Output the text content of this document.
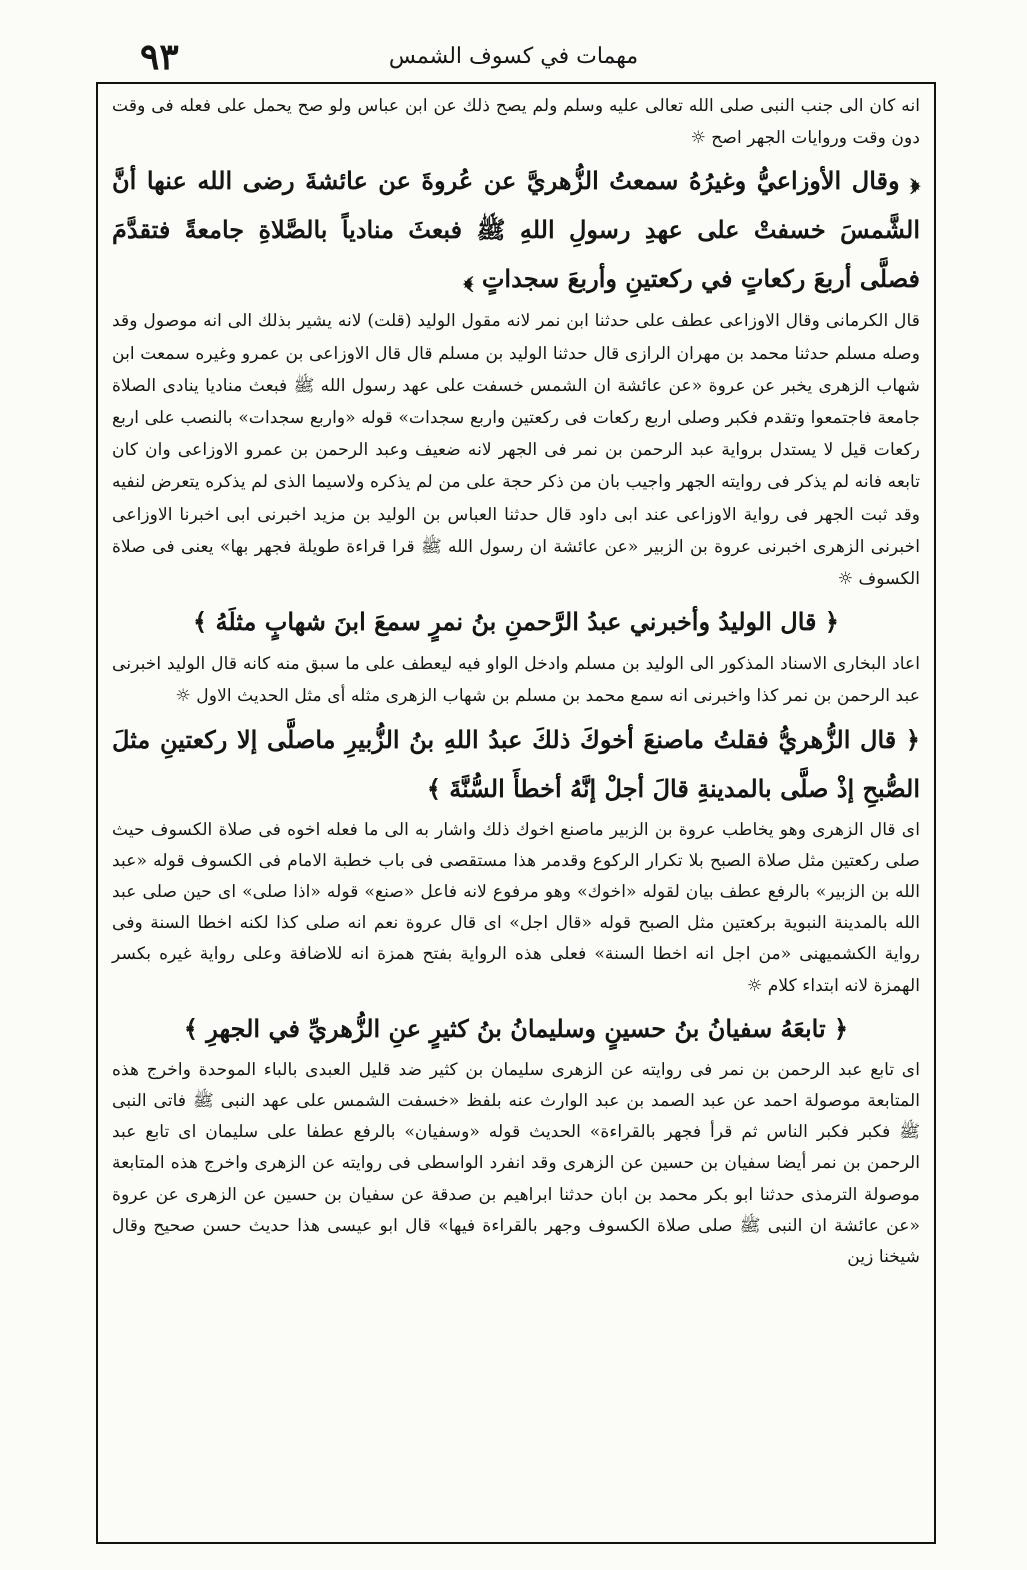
٩٣	مهمات في كسوف الشمس

انه كان الى جنب النبى صلى الله تعالى عليه وسلم ولم يصح ذلك عن ابن عباس ولو صح يحمل على فعله فى وقت دون وقت وروايات الجهر اصح ☼

﴿ وقال الأوزاعيُّ وغيرُهُ سمعتُ الزُّهريَّ عن عُروةَ عن عائشةَ رضى الله عنها أنَّ الشَّمسَ خسفتْ على عهدِ رسولِ اللهِ ﷺ فبعثَ منادياً بالصَّلاةِ جامعةً فتقدَّمَ فصلَّى أربعَ ركعاتٍ في ركعتينِ وأربعَ سجداتٍ ﴾

قال الكرمانى وقال الاوزاعى عطف على حدثنا ابن نمر لانه مقول الوليد (قلت) لانه يشير بذلك الى انه موصول وقد وصله مسلم حدثنا محمد بن مهران الرازى قال حدثنا الوليد بن مسلم قال قال الاوزاعى بن عمرو وغيره سمعت ابن شهاب الزهرى يخبر عن عروة «عن عائشة ان الشمس خسفت على عهد رسول الله ﷺ فبعث مناديا ينادى الصلاة جامعة فاجتمعوا وتقدم فكبر وصلى اربع ركعات فى ركعتين واربع سجدات» قوله «واربع سجدات» بالنصب على اربع ركعات قيل لا يستدل برواية عبد الرحمن بن نمر فى الجهر لانه ضعيف وعبد الرحمن بن عمرو الاوزاعى وان كان تابعه فانه لم يذكر فى روايته الجهر واجيب بان من ذكر حجة على من لم يذكره ولاسيما الذى لم يذكره يتعرض لنفيه وقد ثبت الجهر فى رواية الاوزاعى عند ابى داود قال حدثنا العباس بن الوليد بن مزيد اخبرنى ابى اخبرنا الاوزاعى اخبرنى الزهرى اخبرنى عروة بن الزبير «عن عائشة ان رسول الله ﷺ قرا قراءة طويلة فجهر بها» يعنى فى صلاة الكسوف ☼

﴿ قال الوليدُ وأخبرني عبدُ الرَّحمنِ بنُ نمرٍ سمعَ ابنَ شهابٍ مثلَهُ ﴾

اعاد البخارى الاسناد المذكور الى الوليد بن مسلم وادخل الواو فيه ليعطف على ما سبق منه كانه قال الوليد اخبرنى عبد الرحمن بن نمر كذا واخبرنى انه سمع محمد بن مسلم بن شهاب الزهرى مثله أى مثل الحديث الاول ☼

﴿ قال الزُّهريُّ فقلتُ ماصنعَ أخوكَ ذلكَ عبدُ اللهِ بنُ الزُّبيرِ ماصلَّى إلا ركعتينِ مثلَ الصُّبحِ إذْ صلَّى بالمدينةِ قالَ أجلْ إنَّهُ أخطأَ السُّنَّةَ ﴾

اى قال الزهرى وهو يخاطب عروة بن الزبير ماصنع اخوك ذلك واشار به الى ما فعله اخوه فى صلاة الكسوف حيث صلى ركعتين مثل صلاة الصبح بلا تكرار الركوع وقدمر هذا مستقصى فى باب خطبة الامام فى الكسوف قوله «عبد الله بن الزبير» بالرفع عطف بيان لقوله «اخوك» وهو مرفوع لانه فاعل «صنع» قوله «اذا صلى» اى حين صلى عبد الله بالمدينة النبوية بركعتين مثل الصبح قوله «قال اجل» اى قال عروة نعم انه صلى كذا لكنه اخطا السنة وفى رواية الكشميهنى «من اجل انه اخطا السنة» فعلى هذه الرواية بفتح همزة انه للاضافة وعلى رواية غيره بكسر الهمزة لانه ابتداء كلام ☼

﴿ تابعَهُ سفيانُ بنُ حسينٍ وسليمانُ بنُ كثيرٍ عنِ الزُّهريِّ في الجهرِ ﴾

اى تابع عبد الرحمن بن نمر فى روايته عن الزهرى سليمان بن كثير ضد قليل العبدى بالباء الموحدة واخرج هذه المتابعة موصولة احمد عن عبد الصمد بن عبد الوارث عنه بلفظ «خسفت الشمس على عهد النبى ﷺ فاتى النبى ﷺ فكبر فكبر الناس ثم قرأ فجهر بالقراءة» الحديث قوله «وسفيان» بالرفع عطفا على سليمان اى تابع عبد الرحمن بن نمر أيضا سفيان بن حسين عن الزهرى وقد انفرد الواسطى فى روايته عن الزهرى واخرج هذه المتابعة موصولة الترمذى حدثنا ابو بكر محمد بن ابان حدثنا ابراهيم بن صدقة عن سفيان بن حسين عن الزهرى عن عروة «عن عائشة ان النبى ﷺ صلى صلاة الكسوف وجهر بالقراءة فيها» قال ابو عيسى هذا حديث حسن صحيح وقال شيخنا زين
